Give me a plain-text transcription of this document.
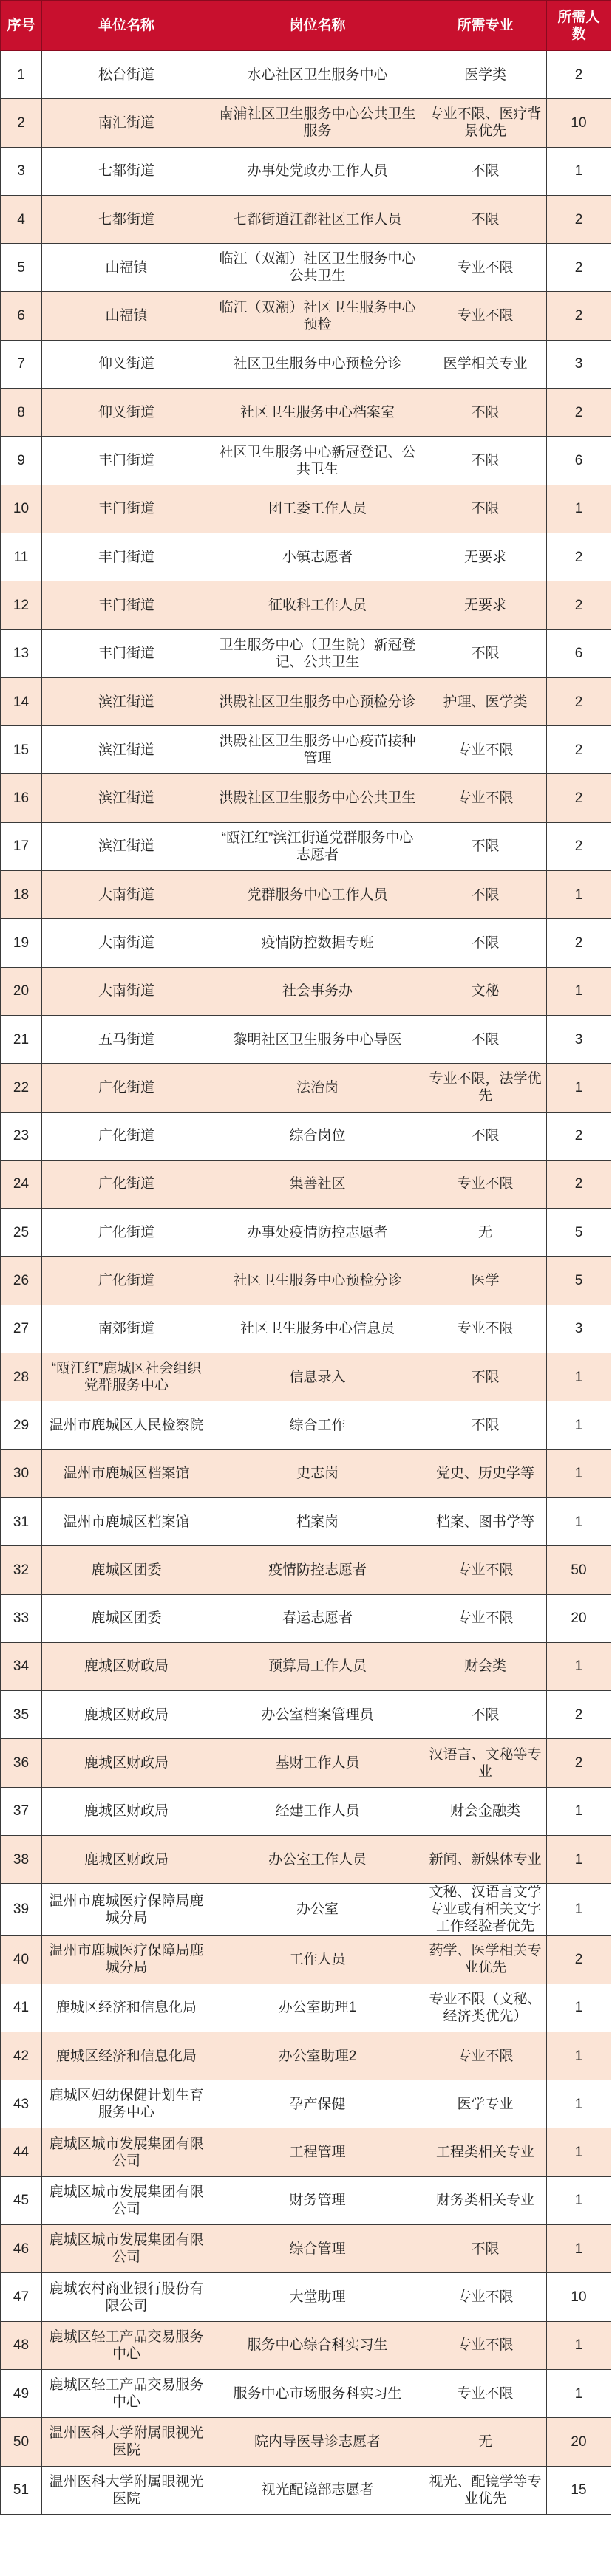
序号	单位名称	岗位名称	所需专业	所需人数
1	松台街道	水心社区卫生服务中心	医学类	2
2	南汇街道	南浦社区卫生服务中心公共卫生服务	专业不限、医疗背景优先	10
3	七都街道	办事处党政办工作人员	不限	1
4	七都街道	七都街道江都社区工作人员	不限	2
5	山福镇	临江（双潮）社区卫生服务中心公共卫生	专业不限	2
6	山福镇	临江（双潮）社区卫生服务中心预检	专业不限	2
7	仰义街道	社区卫生服务中心预检分诊	医学相关专业	3
8	仰义街道	社区卫生服务中心档案室	不限	2
9	丰门街道	社区卫生服务中心新冠登记、公共卫生	不限	6
10	丰门街道	团工委工作人员	不限	1
11	丰门街道	小镇志愿者	无要求	2
12	丰门街道	征收科工作人员	无要求	2
13	丰门街道	卫生服务中心（卫生院）新冠登记、公共卫生	不限	6
14	滨江街道	洪殿社区卫生服务中心预检分诊	护理、医学类	2
15	滨江街道	洪殿社区卫生服务中心疫苗接种管理	专业不限	2
16	滨江街道	洪殿社区卫生服务中心公共卫生	专业不限	2
17	滨江街道	“瓯江红”滨江街道党群服务中心志愿者	不限	2
18	大南街道	党群服务中心工作人员	不限	1
19	大南街道	疫情防控数据专班	不限	2
20	大南街道	社会事务办	文秘	1
21	五马街道	黎明社区卫生服务中心导医	不限	3
22	广化街道	法治岗	专业不限，法学优先	1
23	广化街道	综合岗位	不限	2
24	广化街道	集善社区	专业不限	2
25	广化街道	办事处疫情防控志愿者	无	5
26	广化街道	社区卫生服务中心预检分诊	医学	5
27	南郊街道	社区卫生服务中心信息员	专业不限	3
28	“瓯江红”鹿城区社会组织党群服务中心	信息录入	不限	1
29	温州市鹿城区人民检察院	综合工作	不限	1
30	温州市鹿城区档案馆	史志岗	党史、历史学等	1
31	温州市鹿城区档案馆	档案岗	档案、图书学等	1
32	鹿城区团委	疫情防控志愿者	专业不限	50
33	鹿城区团委	春运志愿者	专业不限	20
34	鹿城区财政局	预算局工作人员	财会类	1
35	鹿城区财政局	办公室档案管理员	不限	2
36	鹿城区财政局	基财工作人员	汉语言、文秘等专业	2
37	鹿城区财政局	经建工作人员	财会金融类	1
38	鹿城区财政局	办公室工作人员	新闻、新媒体专业	1
39	温州市鹿城医疗保障局鹿城分局	办公室	文秘、汉语言文学专业或有相关文字工作经验者优先	1
40	温州市鹿城医疗保障局鹿城分局	工作人员	药学、医学相关专业优先	2
41	鹿城区经济和信息化局	办公室助理1	专业不限（文秘、经济类优先）	1
42	鹿城区经济和信息化局	办公室助理2	专业不限	1
43	鹿城区妇幼保健计划生育服务中心	孕产保健	医学专业	1
44	鹿城区城市发展集团有限公司	工程管理	工程类相关专业	1
45	鹿城区城市发展集团有限公司	财务管理	财务类相关专业	1
46	鹿城区城市发展集团有限公司	综合管理	不限	1
47	鹿城农村商业银行股份有限公司	大堂助理	专业不限	10
48	鹿城区轻工产品交易服务中心	服务中心综合科实习生	专业不限	1
49	鹿城区轻工产品交易服务中心	服务中心市场服务科实习生	专业不限	1
50	温州医科大学附属眼视光医院	院内导医导诊志愿者	无	20
51	温州医科大学附属眼视光医院	视光配镜部志愿者	视光、配镜学等专业优先	15
